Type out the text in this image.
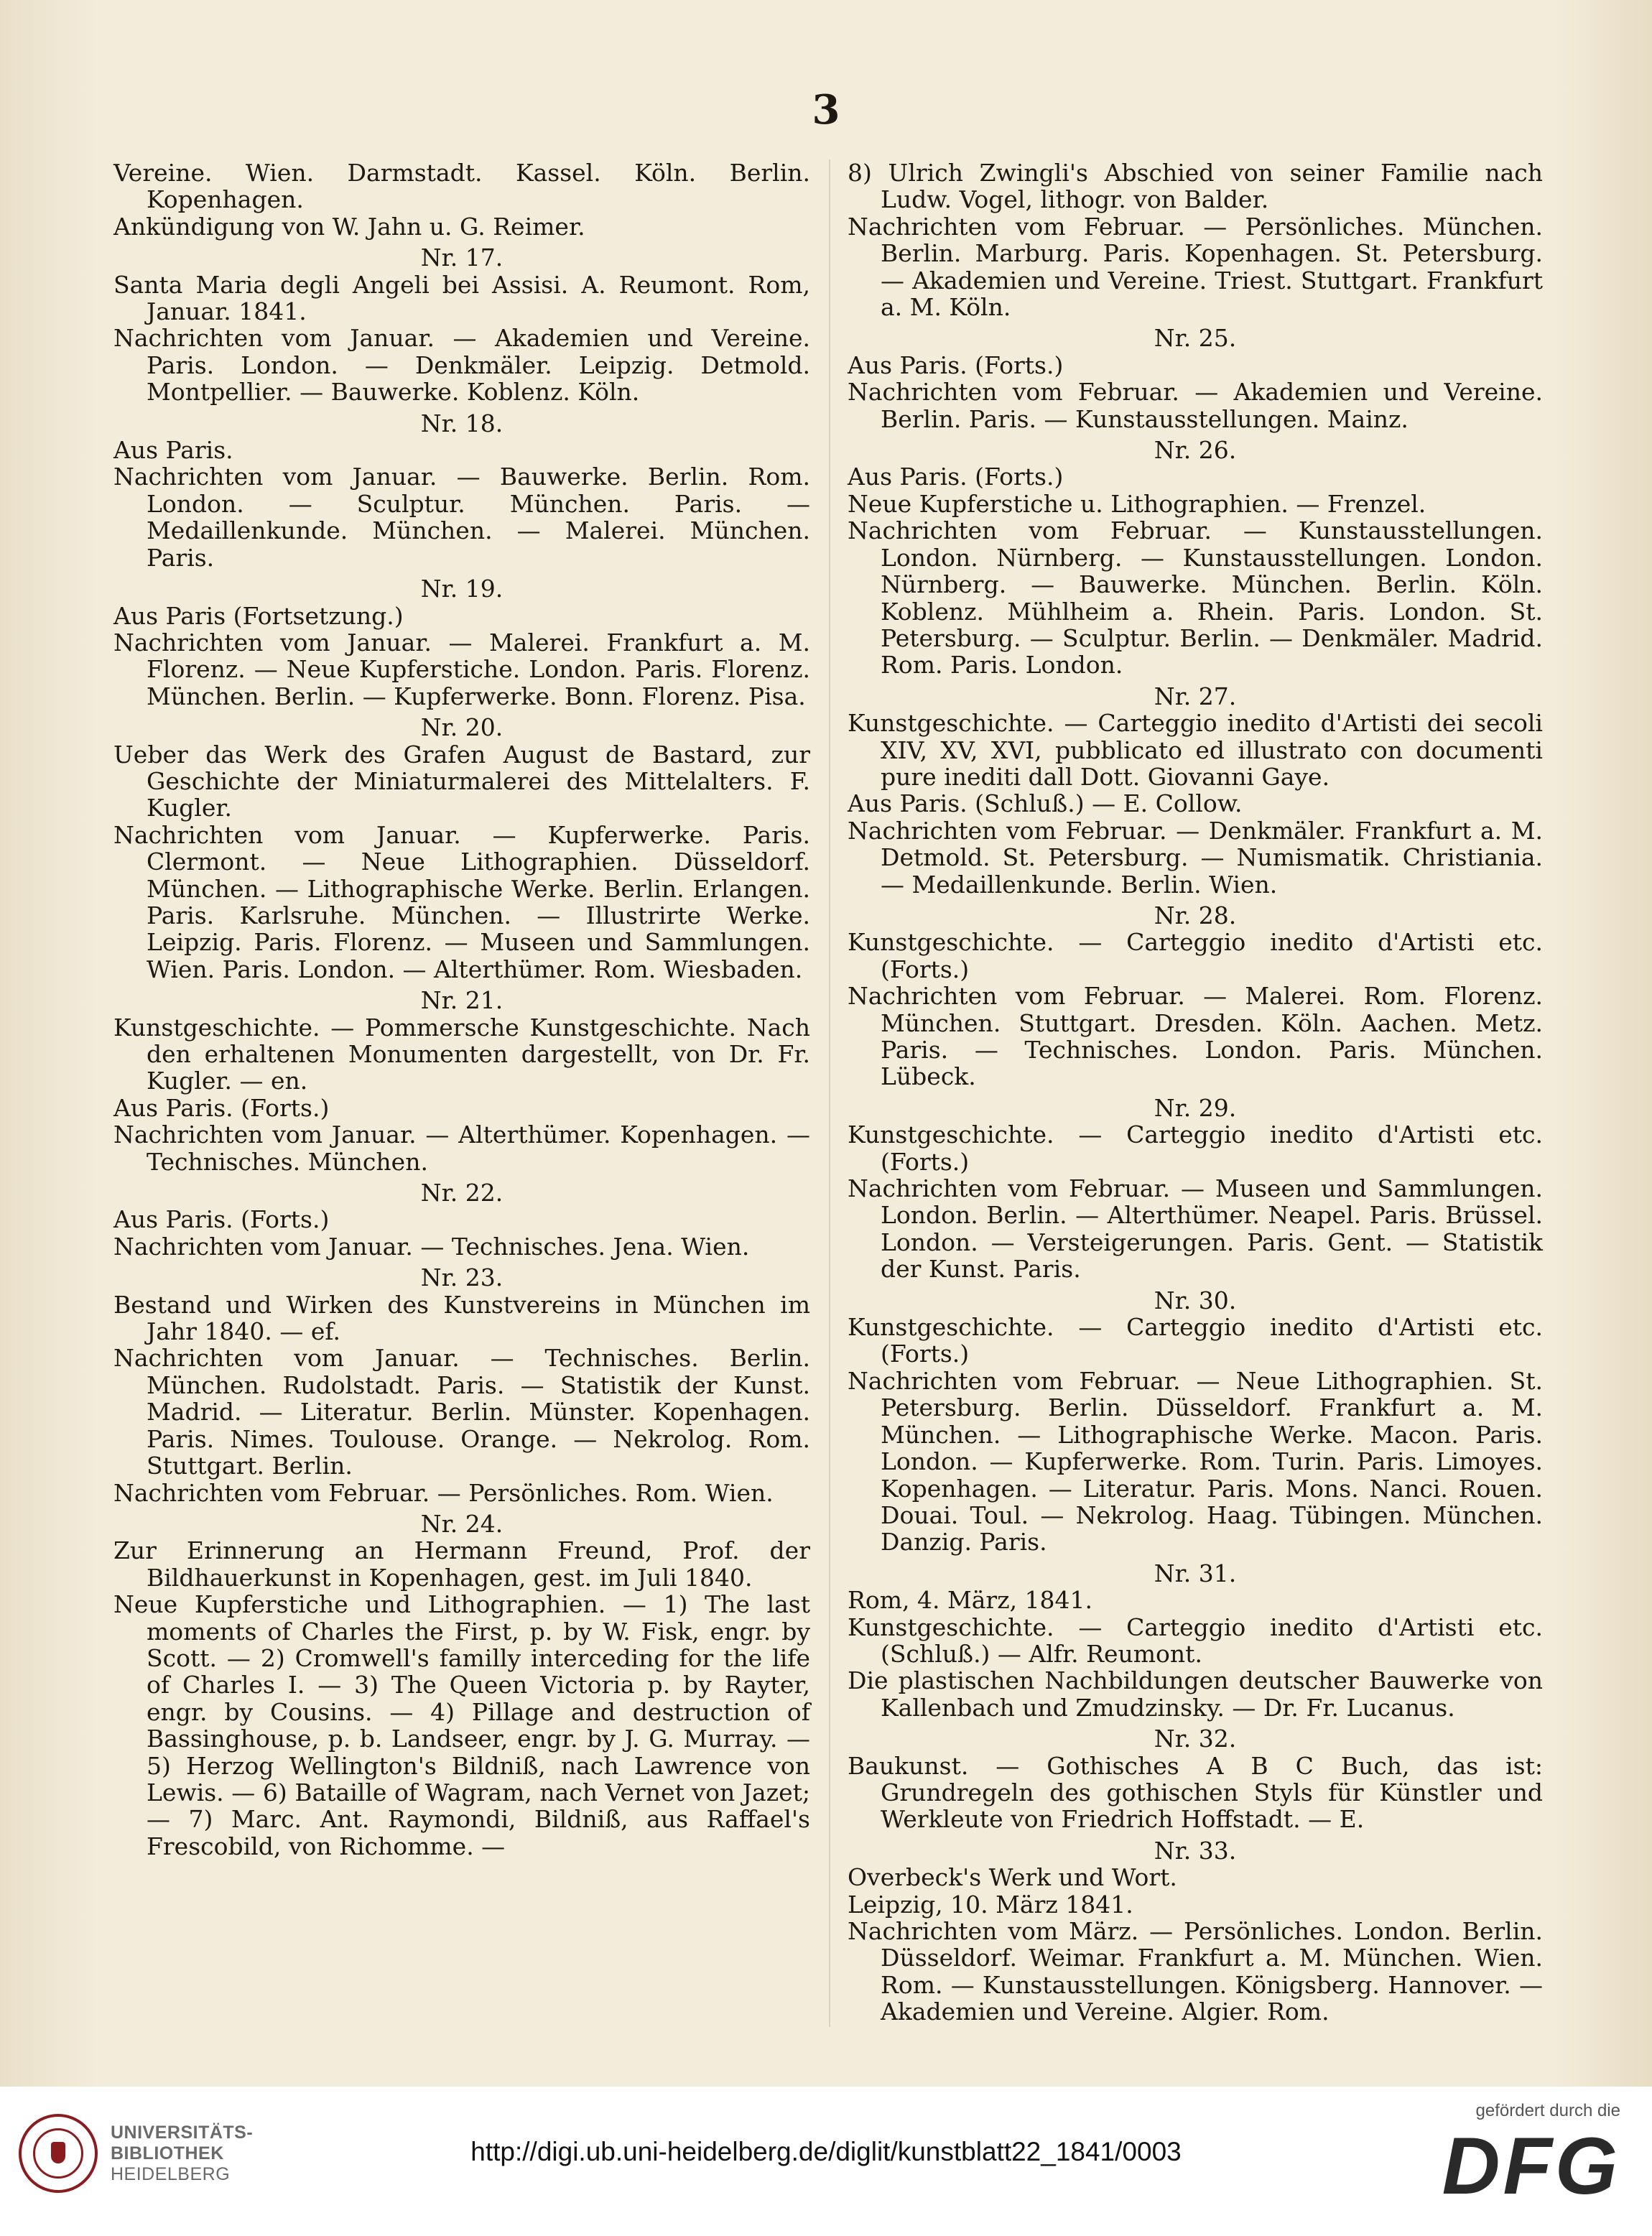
3

Vereine. Wien. Darmstadt. Kassel. Köln. Berlin. Kopenhagen.

Ankündigung von W. Jahn u. G. Reimer.

Nr. 17.

Santa Maria degli Angeli bei Assisi. A. Reumont. Rom, Januar. 1841.

Nachrichten vom Januar. — Akademien und Vereine. Paris. London. — Denkmäler. Leipzig. Detmold. Montpellier. — Bauwerke. Koblenz. Köln.

Nr. 18.

Aus Paris.

Nachrichten vom Januar. — Bauwerke. Berlin. Rom. London. — Sculptur. München. Paris. — Medaillenkunde. München. — Malerei. München. Paris.

Nr. 19.

Aus Paris (Fortsetzung.)

Nachrichten vom Januar. — Malerei. Frankfurt a. M. Florenz. — Neue Kupferstiche. London. Paris. Florenz. München. Berlin. — Kupferwerke. Bonn. Florenz. Pisa.

Nr. 20.

Ueber das Werk des Grafen August de Bastard, zur Geschichte der Miniaturmalerei des Mittelalters. F. Kugler.

Nachrichten vom Januar. — Kupferwerke. Paris. Clermont. — Neue Lithographien. Düsseldorf. München. — Lithographische Werke. Berlin. Erlangen. Paris. Karlsruhe. München. — Illustrirte Werke. Leipzig. Paris. Florenz. — Museen und Sammlungen. Wien. Paris. London. — Alterthümer. Rom. Wiesbaden.

Nr. 21.

Kunstgeschichte. — Pommersche Kunstgeschichte. Nach den erhaltenen Monumenten dargestellt, von Dr. Fr. Kugler. — en.

Aus Paris. (Forts.)

Nachrichten vom Januar. — Alterthümer. Kopenhagen. — Technisches. München.

Nr. 22.

Aus Paris. (Forts.)

Nachrichten vom Januar. — Technisches. Jena. Wien.

Nr. 23.

Bestand und Wirken des Kunstvereins in München im Jahr 1840. — ef.

Nachrichten vom Januar. — Technisches. Berlin. München. Rudolstadt. Paris. — Statistik der Kunst. Madrid. — Literatur. Berlin. Münster. Kopenhagen. Paris. Nimes. Toulouse. Orange. — Nekrolog. Rom. Stuttgart. Berlin.

Nachrichten vom Februar. — Persönliches. Rom. Wien.

Nr. 24.

Zur Erinnerung an Hermann Freund, Prof. der Bildhauerkunst in Kopenhagen, gest. im Juli 1840.

Neue Kupferstiche und Lithographien. — 1) The last moments of Charles the First, p. by W. Fisk, engr. by Scott. — 2) Cromwell's familly interceding for the life of Charles I. — 3) The Queen Victoria p. by Rayter, engr. by Cousins. — 4) Pillage and destruction of Bassinghouse, p. b. Landseer, engr. by J. G. Murray. — 5) Herzog Wellington's Bildniß, nach Lawrence von Lewis. — 6) Bataille of Wagram, nach Vernet von Jazet; — 7) Marc. Ant. Raymondi, Bildniß, aus Raffael's Frescobild, von Richomme. —

8) Ulrich Zwingli's Abschied von seiner Familie nach Ludw. Vogel, lithogr. von Balder.

Nachrichten vom Februar. — Persönliches. München. Berlin. Marburg. Paris. Kopenhagen. St. Petersburg. — Akademien und Vereine. Triest. Stuttgart. Frankfurt a. M. Köln.

Nr. 25.

Aus Paris. (Forts.)

Nachrichten vom Februar. — Akademien und Vereine. Berlin. Paris. — Kunstausstellungen. Mainz.

Nr. 26.

Aus Paris. (Forts.)

Neue Kupferstiche u. Lithographien. — Frenzel.

Nachrichten vom Februar. — Kunstausstellungen. London. Nürnberg. — Kunstausstellungen. London. Nürnberg. — Bauwerke. München. Berlin. Köln. Koblenz. Mühlheim a. Rhein. Paris. London. St. Petersburg. — Sculptur. Berlin. — Denkmäler. Madrid. Rom. Paris. London.

Nr. 27.

Kunstgeschichte. — Carteggio inedito d'Artisti dei secoli XIV, XV, XVI, pubblicato ed illustrato con documenti pure inediti dall Dott. Giovanni Gaye.

Aus Paris. (Schluß.) — E. Collow.

Nachrichten vom Februar. — Denkmäler. Frankfurt a. M. Detmold. St. Petersburg. — Numismatik. Christiania. — Medaillenkunde. Berlin. Wien.

Nr. 28.

Kunstgeschichte. — Carteggio inedito d'Artisti etc. (Forts.)

Nachrichten vom Februar. — Malerei. Rom. Florenz. München. Stuttgart. Dresden. Köln. Aachen. Metz. Paris. — Technisches. London. Paris. München. Lübeck.

Nr. 29.

Kunstgeschichte. — Carteggio inedito d'Artisti etc. (Forts.)

Nachrichten vom Februar. — Museen und Sammlungen. London. Berlin. — Alterthümer. Neapel. Paris. Brüssel. London. — Versteigerungen. Paris. Gent. — Statistik der Kunst. Paris.

Nr. 30.

Kunstgeschichte. — Carteggio inedito d'Artisti etc. (Forts.)

Nachrichten vom Februar. — Neue Lithographien. St. Petersburg. Berlin. Düsseldorf. Frankfurt a. M. München. — Lithographische Werke. Macon. Paris. London. — Kupferwerke. Rom. Turin. Paris. Limoyes. Kopenhagen. — Literatur. Paris. Mons. Nanci. Rouen. Douai. Toul. — Nekrolog. Haag. Tübingen. München. Danzig. Paris.

Nr. 31.

Rom, 4. März, 1841.

Kunstgeschichte. — Carteggio inedito d'Artisti etc. (Schluß.) — Alfr. Reumont.

Die plastischen Nachbildungen deutscher Bauwerke von Kallenbach und Zmudzinsky. — Dr. Fr. Lucanus.

Nr. 32.

Baukunst. — Gothisches A B C Buch, das ist: Grundregeln des gothischen Styls für Künstler und Werkleute von Friedrich Hoffstadt. — E.

Nr. 33.

Overbeck's Werk und Wort.

Leipzig, 10. März 1841.

Nachrichten vom März. — Persönliches. London. Berlin. Düsseldorf. Weimar. Frankfurt a. M. München. Wien. Rom. — Kunstausstellungen. Königsberg. Hannover. — Akademien und Vereine. Algier. Rom.

UNIVERSITÄTS-
BIBLIOTHEK
HEIDELBERG
http://digi.ub.uni-heidelberg.de/diglit/kunstblatt22_1841/0003
gefördert durch die
DFG
